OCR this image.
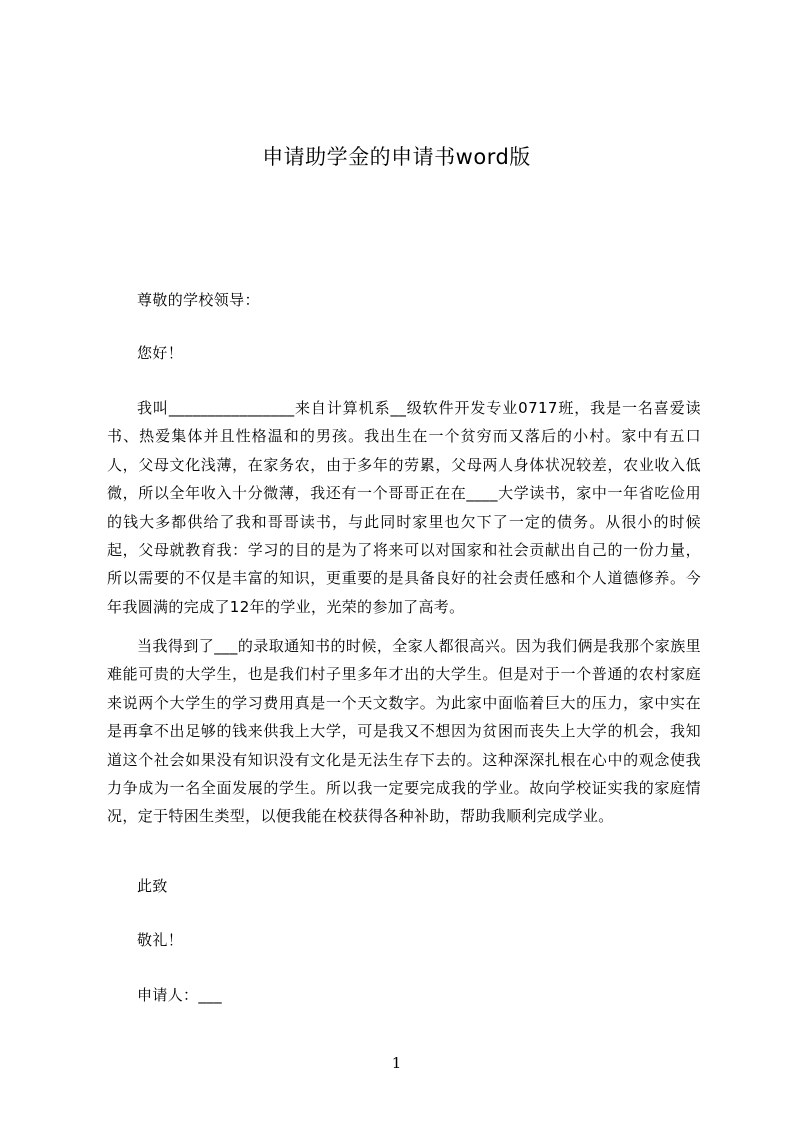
申请助学金的申请书word版

尊敬的学校领导：

您好！

我叫________________来自计算机系__级软件开发专业0717班，我是一名喜爱读书、热爱集体并且性格温和的男孩。我出生在一个贫穷而又落后的小村。家中有五口人，父母文化浅薄，在家务农，由于多年的劳累，父母两人身体状况较差，农业收入低微，所以全年收入十分微薄，我还有一个哥哥正在在____大学读书，家中一年省吃俭用的钱大多都供给了我和哥哥读书，与此同时家里也欠下了一定的债务。从很小的时候起，父母就教育我：学习的目的是为了将来可以对国家和社会贡献出自己的一份力量，所以需要的不仅是丰富的知识，更重要的是具备良好的社会责任感和个人道德修养。今年我圆满的完成了12年的学业，光荣的参加了高考。

当我得到了___的录取通知书的时候，全家人都很高兴。因为我们俩是我那个家族里难能可贵的大学生，也是我们村子里多年才出的大学生。但是对于一个普通的农村家庭来说两个大学生的学习费用真是一个天文数字。为此家中面临着巨大的压力，家中实在是再拿不出足够的钱来供我上大学，可是我又不想因为贫困而丧失上大学的机会，我知道这个社会如果没有知识没有文化是无法生存下去的。这种深深扎根在心中的观念使我力争成为一名全面发展的学生。所以我一定要完成我的学业。故向学校证实我的家庭情况，定于特困生类型，以便我能在校获得各种补助，帮助我顺利完成学业。

此致

敬礼！

申请人：___

1
